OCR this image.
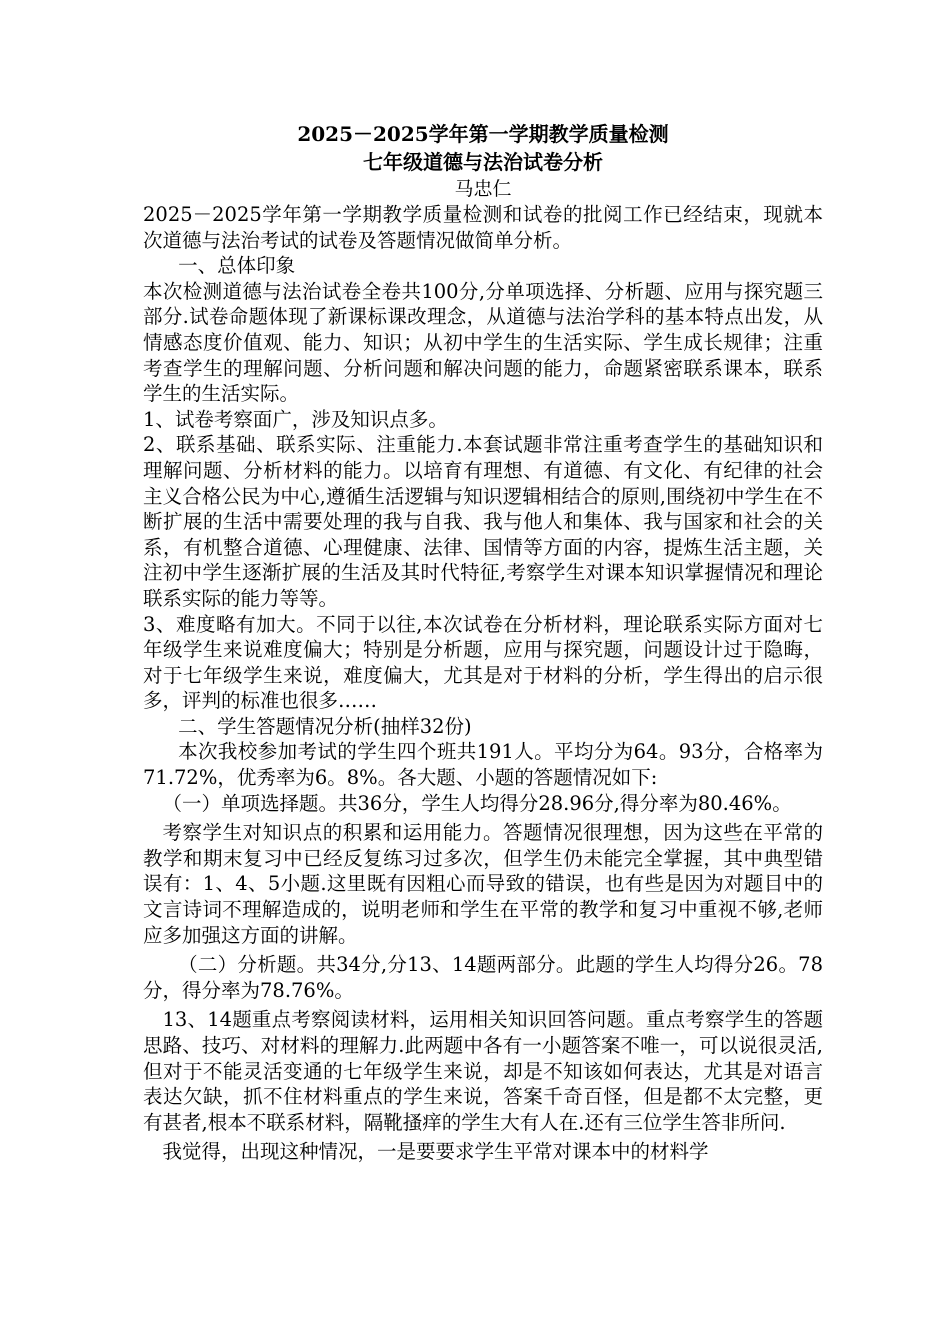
2025－2025学年第一学期教学质量检测

七年级道德与法治试卷分析

马忠仁

2025－2025学年第一学期教学质量检测和试卷的批阅工作已经结束，现就本次道德与法治考试的试卷及答题情况做简单分析。

一、总体印象

本次检测道德与法治试卷全卷共100分,分单项选择、分析题、应用与探究题三部分.试卷命题体现了新课标课改理念，从道德与法治学科的基本特点出发，从情感态度价值观、能力、知识；从初中学生的生活实际、学生成长规律；注重考查学生的理解问题、分析问题和解决问题的能力，命题紧密联系课本，联系学生的生活实际。

1、试卷考察面广，涉及知识点多。

2、联系基础、联系实际、注重能力.本套试题非常注重考查学生的基础知识和理解问题、分析材料的能力。以培育有理想、有道德、有文化、有纪律的社会主义合格公民为中心,遵循生活逻辑与知识逻辑相结合的原则,围绕初中学生在不断扩展的生活中需要处理的我与自我、我与他人和集体、我与国家和社会的关系，有机整合道德、心理健康、法律、国情等方面的内容，提炼生活主题，关注初中学生逐渐扩展的生活及其时代特征,考察学生对课本知识掌握情况和理论联系实际的能力等等。

3、难度略有加大。不同于以往,本次试卷在分析材料，理论联系实际方面对七年级学生来说难度偏大；特别是分析题，应用与探究题，问题设计过于隐晦，对于七年级学生来说，难度偏大，尤其是对于材料的分析，学生得出的启示很多，评判的标准也很多……

二、学生答题情况分析(抽样32份)

本次我校参加考试的学生四个班共191人。平均分为64。93分，合格率为71.72%，优秀率为6。8%。各大题、小题的答题情况如下:

（一）单项选择题。共36分，学生人均得分28.96分,得分率为80.46%。

考察学生对知识点的积累和运用能力。答题情况很理想，因为这些在平常的教学和期末复习中已经反复练习过多次，但学生仍未能完全掌握，其中典型错误有：1、4、5小题.这里既有因粗心而导致的错误，也有些是因为对题目中的文言诗词不理解造成的，说明老师和学生在平常的教学和复习中重视不够,老师应多加强这方面的讲解。

（二）分析题。共34分,分13、14题两部分。此题的学生人均得分26。78分，得分率为78.76%。

13、14题重点考察阅读材料，运用相关知识回答问题。重点考察学生的答题思路、技巧、对材料的理解力.此两题中各有一小题答案不唯一，可以说很灵活,但对于不能灵活变通的七年级学生来说，却是不知该如何表达，尤其是对语言表达欠缺，抓不住材料重点的学生来说，答案千奇百怪，但是都不太完整，更有甚者,根本不联系材料，隔靴搔痒的学生大有人在.还有三位学生答非所问.

我觉得，出现这种情况，一是要要求学生平常对课本中的材料学
